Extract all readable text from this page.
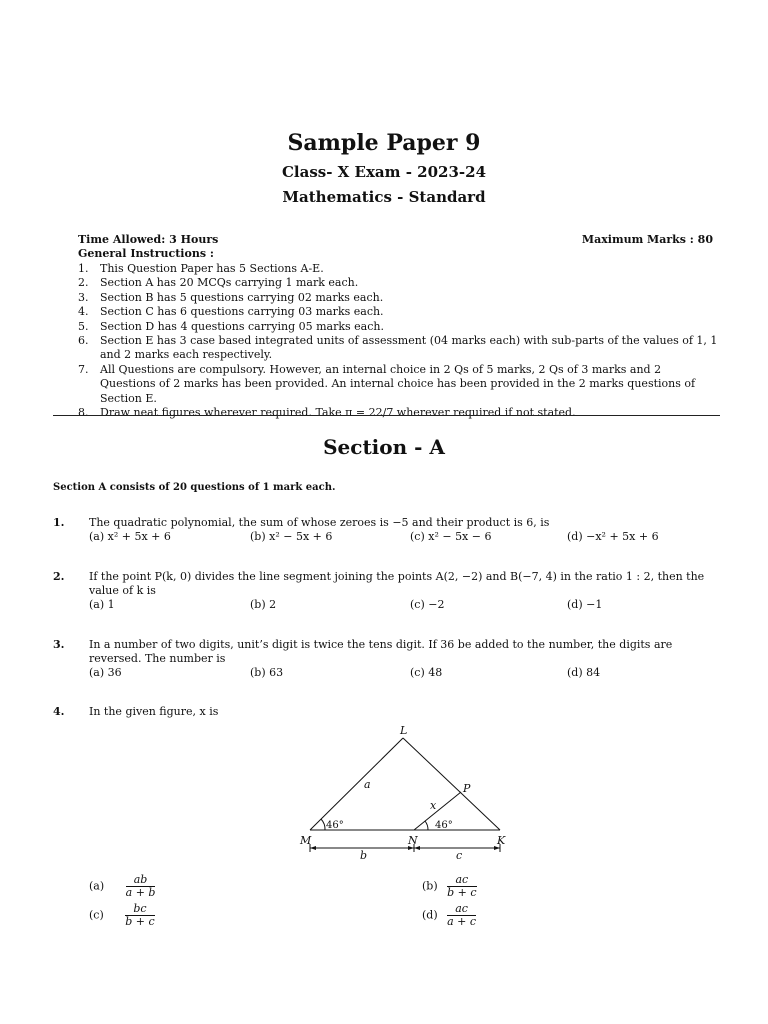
Sample Paper 9
Class- X Exam - 2023-24
Mathematics - Standard
Time Allowed: 3 Hours	Maximum Marks : 80
General Instructions :
1.	This Question Paper has 5 Sections A-E.
2.	Section A has 20 MCQs carrying 1 mark each.
3.	Section B has 5 questions carrying 02 marks each.
4.	Section C has 6 questions carrying 03 marks each.
5.	Section D has 4 questions carrying 05 marks each.
6.	Section E has 3 case based integrated units of assessment (04 marks each) with sub-parts of the values of 1, 1 and 2 marks each respectively.
7.	All Questions are compulsory. However, an internal choice in 2 Qs of 5 marks, 2 Qs of 3 marks and 2 Questions of 2 marks has been provided. An internal choice has been provided in the 2 marks questions of Section E.
8.	Draw neat figures wherever required. Take π = 22/7 wherever required if not stated.
Section - A
Section A consists of 20 questions of 1 mark each.
1. The quadratic polynomial, the sum of whose zeroes is −5 and their product is 6, is
(a) x² + 5x + 6	(b) x² − 5x + 6	(c) x² − 5x − 6	(d) −x² + 5x + 6
2. If the point P(k, 0) divides the line segment joining the points A(2, −2) and B(−7, 4) in the ratio 1 : 2, then the value of k is
(a) 1	(b) 2	(c) −2	(d) −1
3. In a number of two digits, unit’s digit is twice the tens digit. If 36 be added to the number, the digits are reversed. The number is
(a) 36	(b) 63	(c) 48	(d) 84
4. In the given figure, x is
L
P
M	N	K
a
x
b	c
46°	46°
$(a) \frac{ab}{a + b}$	$(b) \frac{ac}{b + c}$
$(c) \frac{bc}{b + c}$	$(d) \frac{ac}{a + c}$
